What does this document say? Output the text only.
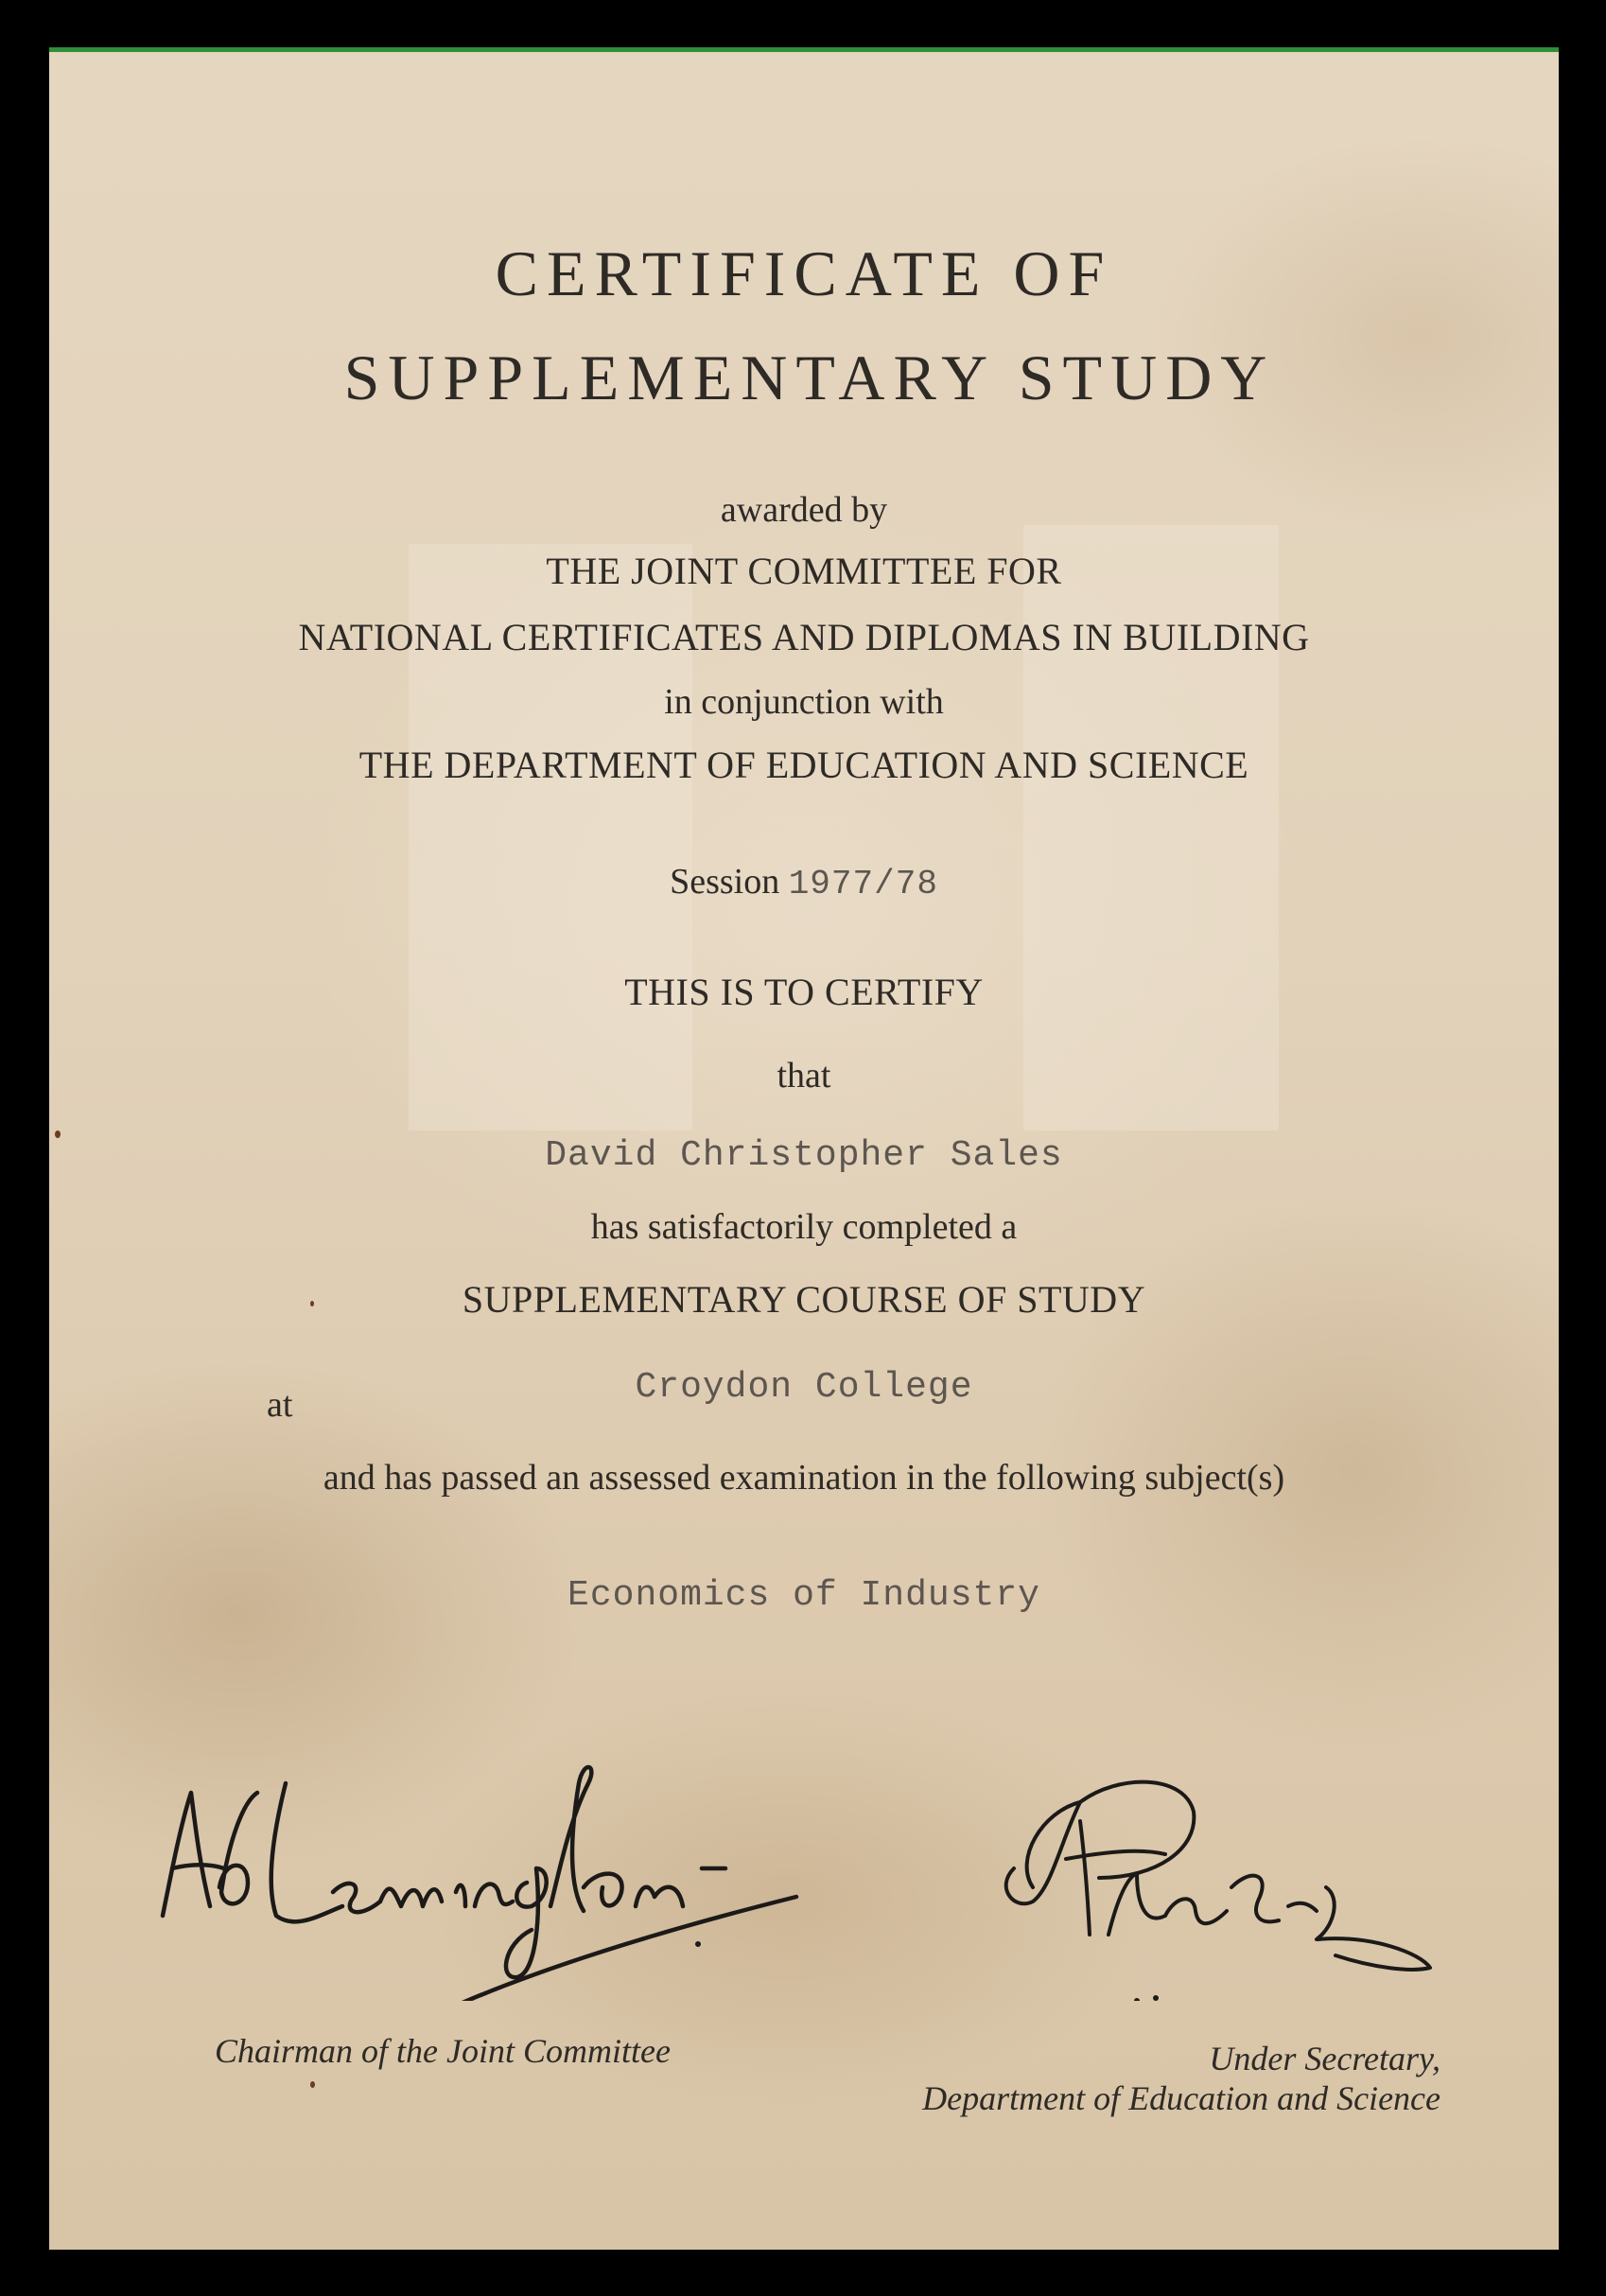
CERTIFICATE OF
SUPPLEMENTARY STUDY
awarded by
THE JOINT COMMITTEE FOR
NATIONAL CERTIFICATES AND DIPLOMAS IN BUILDING
in conjunction with
THE DEPARTMENT OF EDUCATION AND SCIENCE
Session 1977/78
THIS IS TO CERTIFY
that
David Christopher Sales
has satisfactorily completed a
SUPPLEMENTARY COURSE OF STUDY
at	Croydon College
and has passed an assessed examination in the following subject(s)
Economics of Industry
Chairman of the Joint Committee	Under Secretary,
Department of Education and Science
